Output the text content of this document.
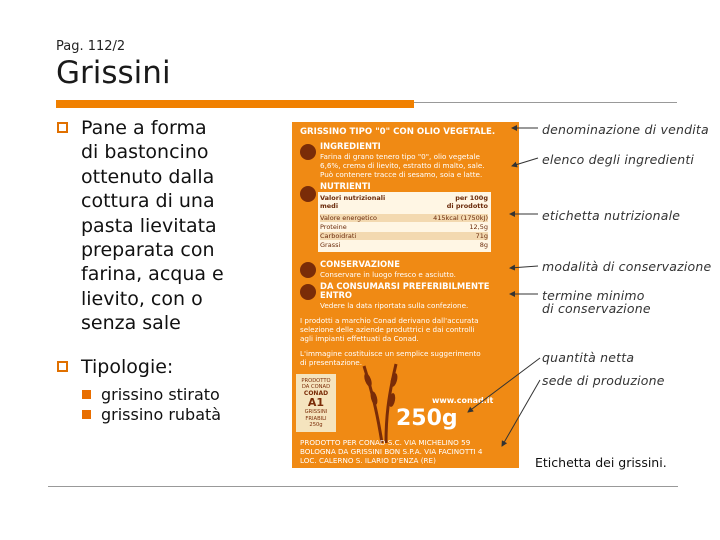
Pag. 112/2
Grissini
Pane a forma
di bastoncino
ottenuto dalla
cottura di una
pasta lievitata
preparata con
farina, acqua e
lievito, con o
senza sale
Tipologie:
grissino stirato
grissino rubatà
GRISSINO TIPO "0" CON OLIO VEGETALE.
INGREDIENTI
Farina di grano tenero tipo "0", olio vegetale
6,6%, crema di lievito, estratto di malto, sale.
Può contenere tracce di sesamo, soia e latte.
NUTRIENTI
Valori nutrizionali	per 100g
medi	di prodotto
Valore energetico	415kcal (1750kJ)
Proteine	12,5g
Carboidrati	71g
Grassi	8g
CONSERVAZIONE
Conservare in luogo fresco e asciutto.
DA CONSUMARSI PREFERIBILMENTE
ENTRO
Vedere la data riportata sulla confezione.
I prodotti a marchio Conad derivano dall'accurata
selezione delle aziende produttrici e dai controlli
agli impianti effettuati da Conad.
L'immagine costituisce un semplice suggerimento
di presentazione.
PRODOTTO
DA CONAD
CONAD
A1
GRISSINI
FRIABILI
250g
www.conad.it
250g
PRODOTTO PER CONAD S.C. VIA MICHELINO 59
BOLOGNA DA GRISSINI BON S.P.A. VIA FACINOTTI 4
LOC. CALERNO S. ILARIO D'ENZA (RE)
denominazione di vendita
elenco degli ingredienti
etichetta nutrizionale
modalità di conservazione
termine minimo
di conservazione
quantità netta
sede di produzione
Etichetta dei grissini.
